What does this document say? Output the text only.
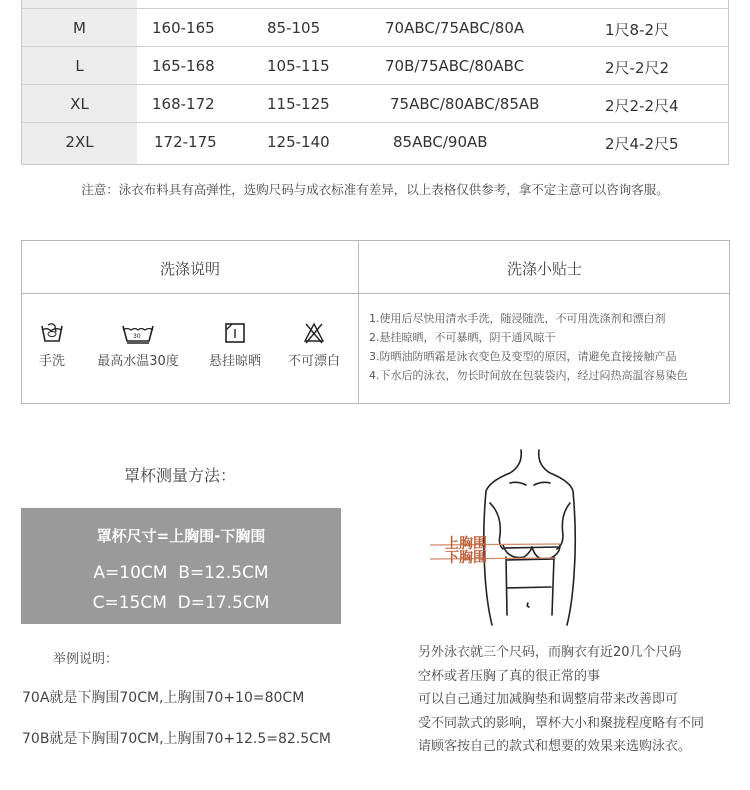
M	160-165	85-105	70ABC/75ABC/80A	1尺8-2尺
L	165-168	105-115	70B/75ABC/80ABC	2尺-2尺2
XL	168-172	115-125	75ABC/80ABC/85AB	2尺2-2尺4
2XL	172-175	125-140	85ABC/90AB	2尺4-2尺5
注意：泳衣布料具有高弹性，选购尺码与成衣标准有差异，以上表格仅供参考，拿不定主意可以咨询客服。
洗涤说明	洗涤小贴士
手洗
30
最高水温30度	悬挂晾晒	不可漂白
1.使用后尽快用清水手洗，随浸随洗，不可用洗涤剂和漂白剂
2.悬挂晾晒，不可暴晒，阴干通风晾干
3.防晒油防晒霜是泳衣变色及变型的原因，请避免直接接触产品
4.下水后的泳衣，勿长时间放在包装袋内，经过闷热高温容易染色
罩杯测量方法：
罩杯尺寸=上胸围-下胸围
A=10CM  B=12.5CM
C=15CM  D=17.5CM
举例说明：
70A就是下胸围70CM,上胸围70+10=80CM
70B就是下胸围70CM,上胸围70+12.5=82.5CM
上胸围
下胸围
另外泳衣就三个尺码，而胸衣有近20几个尺码
空杯或者压胸了真的很正常的事
可以自己通过加减胸垫和调整肩带来改善即可
受不同款式的影响，罩杯大小和聚拢程度略有不同
请顾客按自己的款式和想要的效果来选购泳衣。
